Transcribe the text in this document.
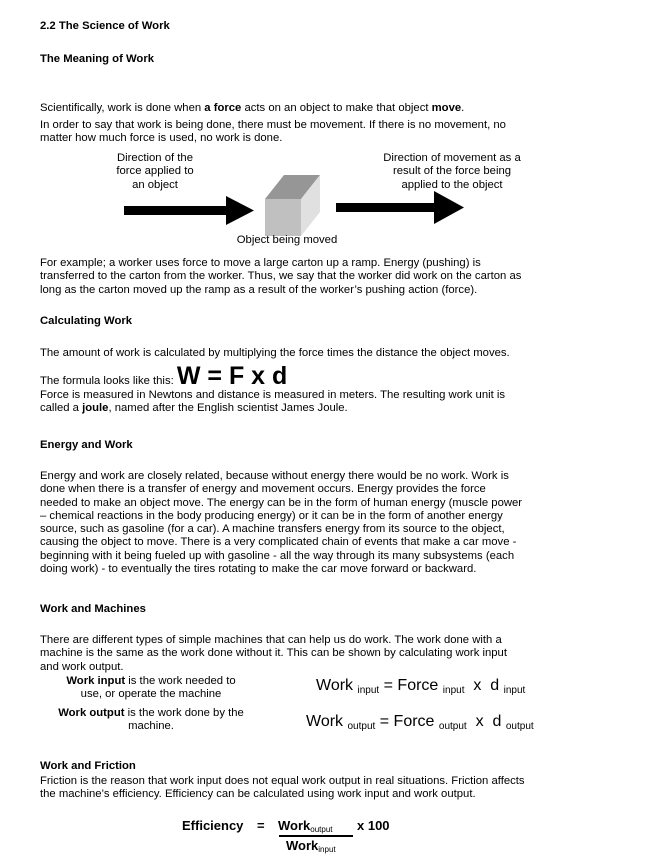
2.2 The Science of Work
The Meaning of Work
Scientifically, work is done when a force acts on an object to make that object move.
In order to say that work is being done, there must be movement. If there is no movement, no
matter how much force is used, no work is done.
Direction of the
force applied to
an object
Direction of movement as a
result of the force being
applied to the object
Object being moved
For example; a worker uses force to move a large carton up a ramp. Energy (pushing) is
transferred to the carton from the worker. Thus, we say that the worker did work on the carton as
long as the carton moved up the ramp as a result of the worker’s pushing action (force).
Calculating Work
The amount of work is calculated by multiplying the force times the distance the object moves.
The formula looks like this: W = F x d
Force is measured in Newtons and distance is measured in meters. The resulting work unit is
called a joule, named after the English scientist James Joule.
Energy and Work
Energy and work are closely related, because without energy there would be no work. Work is
done when there is a transfer of energy and movement occurs. Energy provides the force
needed to make an object move. The energy can be in the form of human energy (muscle power
– chemical reactions in the body producing energy) or it can be in the form of another energy
source, such as gasoline (for a car). A machine transfers energy from its source to the object,
causing the object to move. There is a very complicated chain of events that make a car move -
beginning with it being fueled up with gasoline - all the way through its many subsystems (each
doing work) - to eventually the tires rotating to make the car move forward or backward.
Work and Machines
There are different types of simple machines that can help us do work. The work done with a
machine is the same as the work done without it. This can be shown by calculating work input
and work output.
Work input is the work needed to
use, or operate the machine
Work output is the work done by the
machine.
Work $_{input}$ = Force $_{input}$  x  d $_{input}$
Work $_{output}$ = Force $_{output}$  x  d $_{output}$
Work and Friction
Friction is the reason that work input does not equal work output in real situations. Friction affects
the machine’s efficiency. Efficiency can be calculated using work input and work output.
Efficiency = Work$_{output}$ x 100
Work$_{input}$
